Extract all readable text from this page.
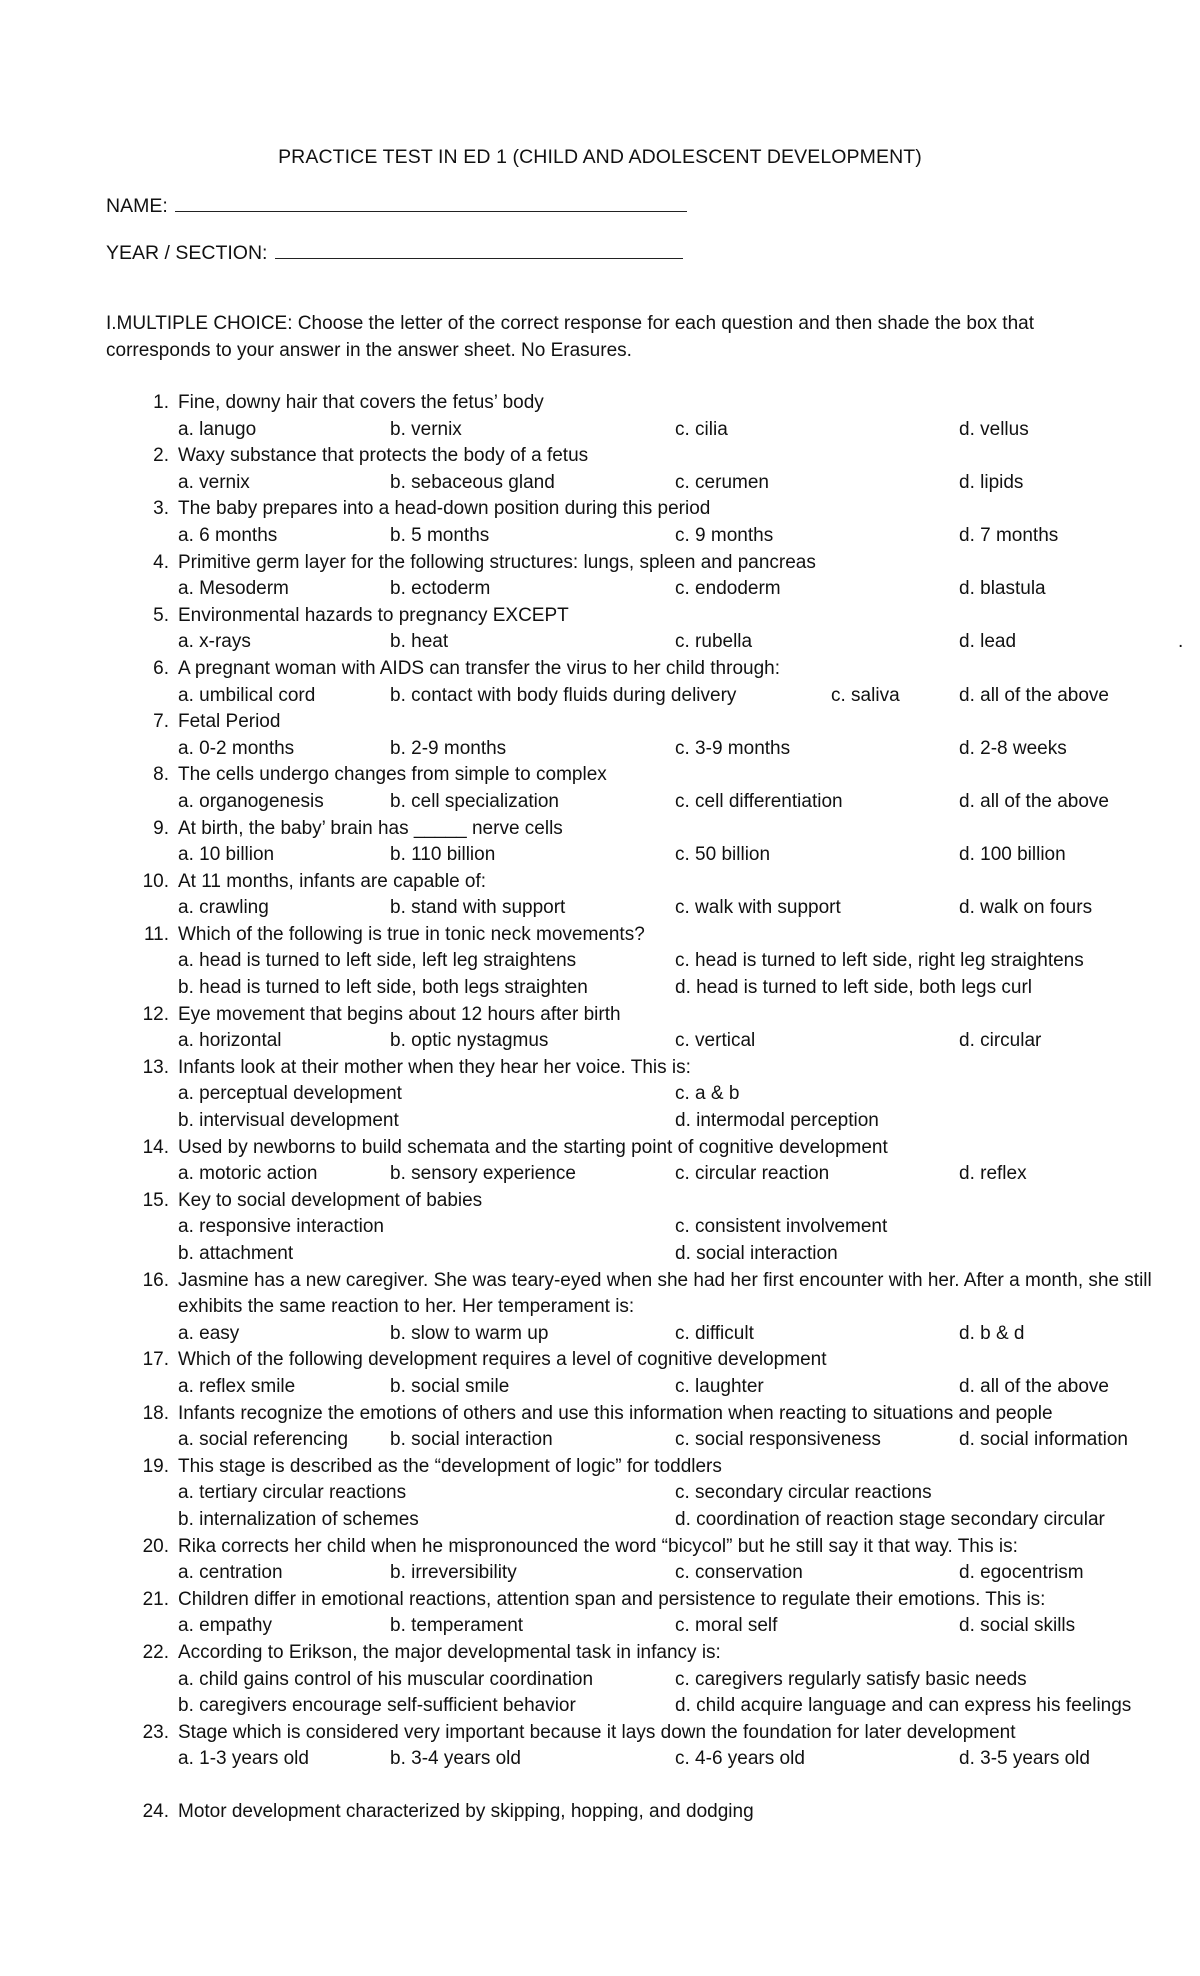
PRACTICE TEST IN ED 1 (CHILD AND ADOLESCENT DEVELOPMENT)
NAME:
YEAR / SECTION:
I.MULTIPLE CHOICE: Choose the letter of the correct response for each question and then shade the box that corresponds to your answer in the answer sheet. No Erasures.
1. Fine, downy hair that covers the fetus’ body
a. lanugo	b. vernix	c. cilia	d. vellus
2. Waxy substance that protects the body of a fetus
a. vernix	b. sebaceous gland	c. cerumen	d. lipids
3. The baby prepares into a head-down position during this period
a. 6 months	b. 5 months	c. 9 months	d. 7 months
4. Primitive germ layer for the following structures: lungs, spleen and pancreas
a. Mesoderm	b. ectoderm	c. endoderm	d. blastula
5. Environmental hazards to pregnancy EXCEPT
a. x-rays	b. heat	c. rubella	d. lead	.
6. A pregnant woman with AIDS can transfer the virus to her child through:
a. umbilical cord	b. contact with body fluids during delivery	d. all of the above
c. saliva
7. Fetal Period
a. 0-2 months	b. 2-9 months	c. 3-9 months	d. 2-8 weeks
8. The cells undergo changes from simple to complex
a. organogenesis	b. cell specialization	c. cell differentiation	d. all of the above
9. At birth, the baby’ brain has _____ nerve cells
a. 10 billion	b. 110 billion	c. 50 billion	d. 100 billion
10. At 11 months, infants are capable of:
a. crawling	b. stand with support	c. walk with support	d. walk on fours
11. Which of the following is true in tonic neck movements?
a. head is turned to left side, left leg straightens	c. head is turned to left side, right leg straightens
b. head is turned to left side, both legs straighten	d. head is turned to left side, both legs curl
12. Eye movement that begins about 12 hours after birth
a. horizontal	b. optic nystagmus	c. vertical	d. circular
13. Infants look at their mother when they hear her voice. This is:
a. perceptual development	c. a & b
b. intervisual development	d. intermodal perception
14. Used by newborns to build schemata and the starting point of cognitive development
a. motoric action	b. sensory experience	c. circular reaction	d. reflex
15. Key to social development of babies
a. responsive interaction	c. consistent involvement
b. attachment	d. social interaction
16. Jasmine has a new caregiver. She was teary-eyed when she had her first encounter with her. After a month, she still exhibits the same reaction to her. Her temperament is:
a. easy	b. slow to warm up	c. difficult	d. b & d
17. Which of the following development requires a level of cognitive development
a. reflex smile	b. social smile	c. laughter	d. all of the above
18. Infants recognize the emotions of others and use this information when reacting to situations and people
a. social referencing b. social interaction	c. social responsiveness	d. social information
19. This stage is described as the “development of logic” for toddlers
a. tertiary circular reactions	c. secondary circular reactions
b. internalization of schemes	d. coordination of reaction stage secondary circular
20. Rika corrects her child when he mispronounced the word “bicycol” but he still say it that way. This is:
a. centration	b. irreversibility	c. conservation	d. egocentrism
21. Children differ in emotional reactions, attention span and persistence to regulate their emotions. This is:
a. empathy	b. temperament	c. moral self	d. social skills
22. According to Erikson, the major developmental task in infancy is:
a. child gains control of his muscular coordination	c. caregivers regularly satisfy basic needs
b. caregivers encourage self-sufficient behavior	d. child acquire language and can express his feelings
23. Stage which is considered very important because it lays down the foundation for later development
a. 1-3 years old	b. 3-4 years old	c. 4-6 years old	d. 3-5 years old
24. Motor development characterized by skipping, hopping, and dodging
